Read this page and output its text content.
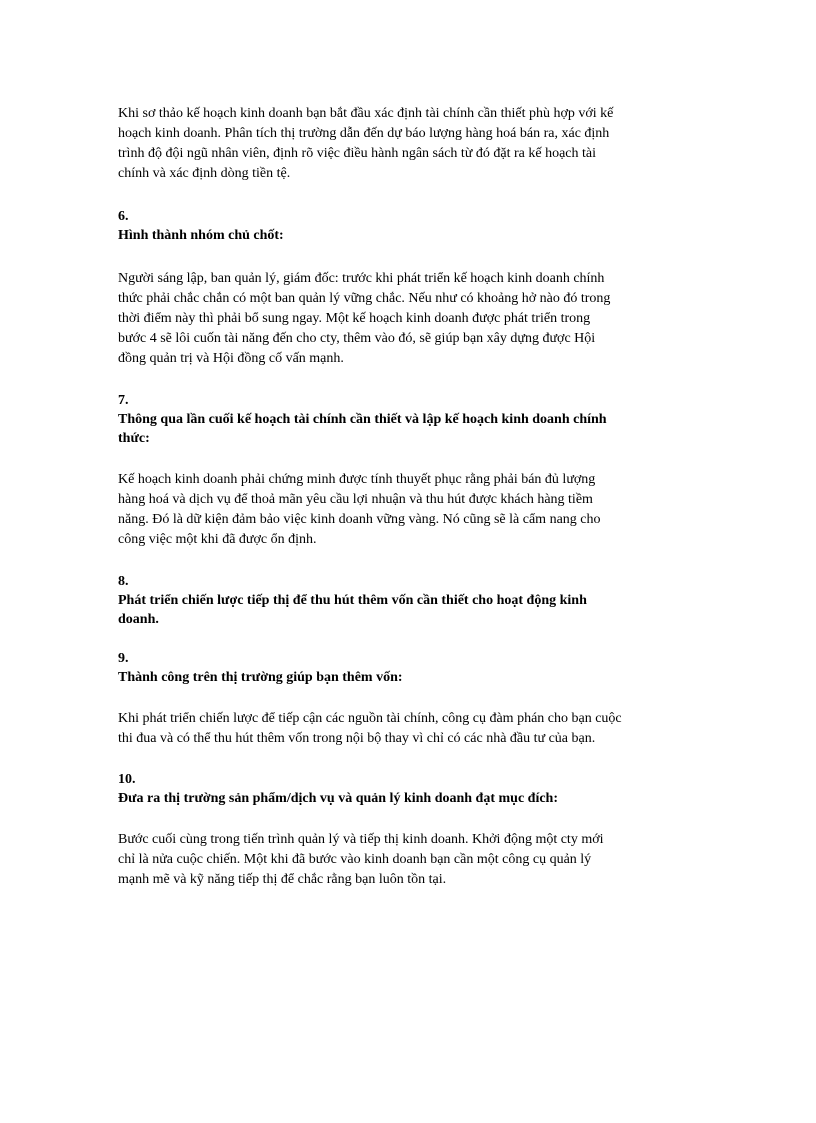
Khi sơ thảo kế hoạch kinh doanh bạn bắt đầu xác định tài chính cần thiết phù hợp với kế
hoạch kinh doanh. Phân tích thị trường dẫn đến dự báo lượng hàng hoá bán ra, xác định
trình độ đội ngũ nhân viên, định rõ việc điều hành ngân sách từ đó đặt ra kế hoạch tài
chính và xác định dòng tiền tệ.

6.

Hình thành nhóm chủ chốt:

Người sáng lập, ban quản lý, giám đốc: trước khi phát triển kế hoạch kinh doanh chính
thức phải chắc chắn có một ban quản lý vững chắc. Nếu như có khoảng hở nào đó trong
thời điểm này thì phải bổ sung ngay. Một kế hoạch kinh doanh được phát triển trong
bước 4 sẽ lôi cuốn tài năng đến cho cty, thêm vào đó, sẽ giúp bạn xây dựng được Hội
đồng quản trị và Hội đồng cố vấn mạnh.

7.

Thông qua lần cuối kế hoạch tài chính cần thiết và lập kế hoạch kinh doanh chính
thức:

Kế hoạch kinh doanh phải chứng minh được tính thuyết phục rằng phải bán đủ lượng
hàng hoá và dịch vụ để thoả mãn yêu cầu lợi nhuận và thu hút được khách hàng tiềm
năng. Đó là dữ kiện đảm bảo việc kinh doanh vững vàng. Nó cũng sẽ là cẩm nang cho
công việc một khi đã được ổn định.

8.

Phát triển chiến lược tiếp thị để thu hút thêm vốn cần thiết cho hoạt động kinh
doanh.

9.

Thành công trên thị trường giúp bạn thêm vốn:

Khi phát triển chiến lược để tiếp cận các nguồn tài chính, công cụ đàm phán cho bạn cuộc
thi đua và có thể thu hút thêm vốn trong nội bộ thay vì chỉ có các nhà đầu tư của bạn.

10.

Đưa ra thị trường sản phẩm/dịch vụ và quản lý kinh doanh đạt mục đích:

Bước cuối cùng trong tiến trình quản lý và tiếp thị kinh doanh. Khởi động một cty mới
chỉ là nửa cuộc chiến. Một khi đã bước vào kinh doanh bạn cần một công cụ quản lý
mạnh mẽ và kỹ năng tiếp thị để chắc rằng bạn luôn tồn tại.
